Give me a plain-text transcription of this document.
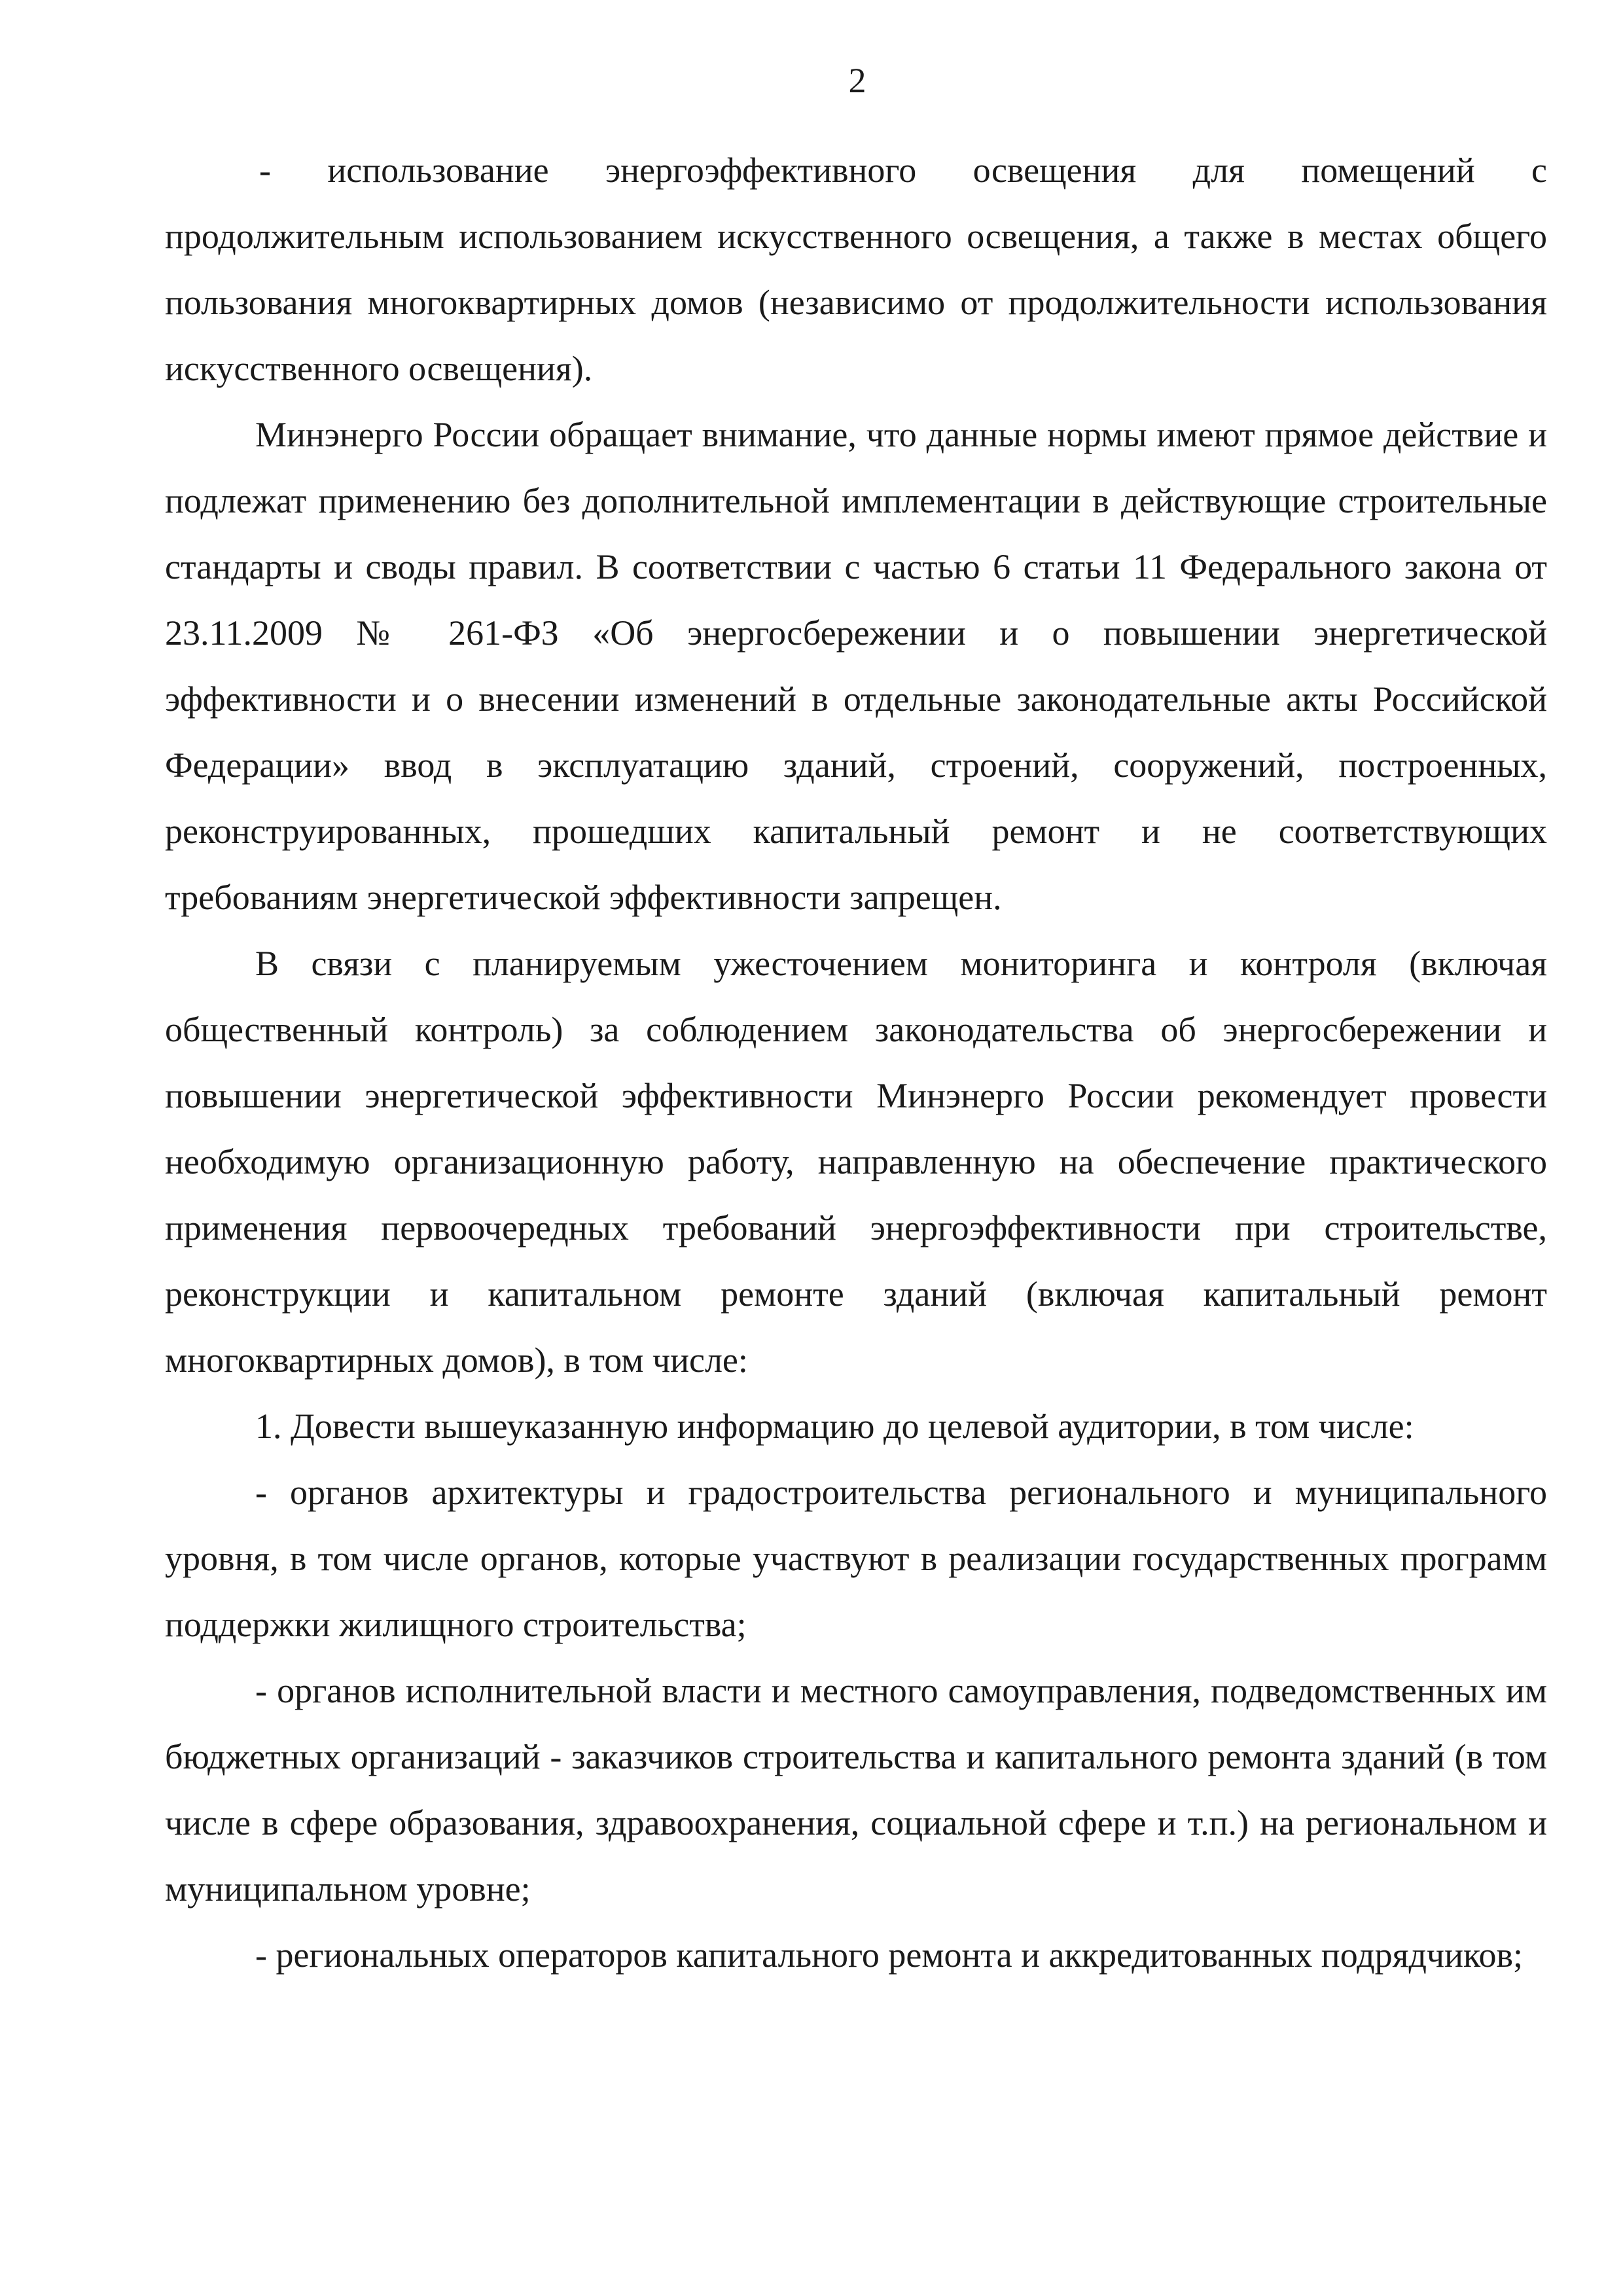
2

- использование энергоэффективного освещения для помещений с продолжительным использованием искусственного освещения, а также в местах общего пользования многоквартирных домов (независимо от продолжительности использования искусственного освещения).

Минэнерго России обращает внимание, что данные нормы имеют прямое действие и подлежат применению без дополнительной имплементации в действующие строительные стандарты и своды правил. В соответствии с частью 6 статьи 11 Федерального закона от 23.11.2009 № 261-ФЗ «Об энергосбережении и о повышении энергетической эффективности и о внесении изменений в отдельные законодательные акты Российской Федерации» ввод в эксплуатацию зданий, строений, сооружений, построенных, реконструированных, прошедших капитальный ремонт и не соответствующих требованиям энергетической эффективности запрещен.

В связи с планируемым ужесточением мониторинга и контроля (включая общественный контроль) за соблюдением законодательства об энергосбережении и повышении энергетической эффективности Минэнерго России рекомендует провести необходимую организационную работу, направленную на обеспечение практического применения первоочередных требований энергоэффективности при строительстве, реконструкции и капитальном ремонте зданий (включая капитальный ремонт многоквартирных домов), в том числе:

1. Довести вышеуказанную информацию до целевой аудитории, в том числе:

- органов архитектуры и градостроительства регионального и муниципального уровня, в том числе органов, которые участвуют в реализации государственных программ поддержки жилищного строительства;

- органов исполнительной власти и местного самоуправления, подведомственных им бюджетных организаций - заказчиков строительства и капитального ремонта зданий (в том числе в сфере образования, здравоохранения, социальной сфере и т.п.) на региональном и муниципальном уровне;

- региональных операторов капитального ремонта и аккредитованных подрядчиков;
